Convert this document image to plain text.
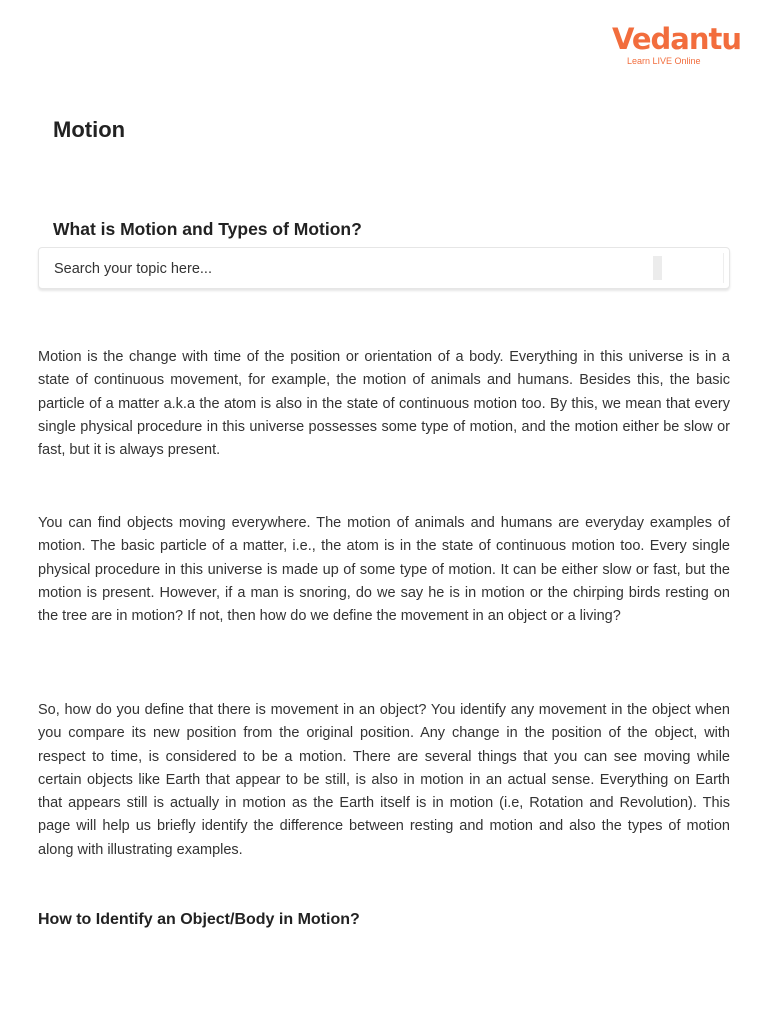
Vedantu
Learn LIVE Online
Motion
What is Motion and Types of Motion?
Search your topic here...

Motion is the change with time of the position or orientation of a body. Everything in this universe is in a state of continuous movement, for example, the motion of animals and humans. Besides this, the basic particle of a matter a.k.a the atom is also in the state of continuous motion too. By this, we mean that every single physical procedure in this universe possesses some type of motion, and the motion either be slow or fast, but it is always present.

You can find objects moving everywhere. The motion of animals and humans are everyday examples of motion. The basic particle of a matter, i.e., the atom is in the state of continuous motion too. Every single physical procedure in this universe is made up of some type of motion. It can be either slow or fast, but the motion is present. However, if a man is snoring, do we say he is in motion or the chirping birds resting on the tree are in motion? If not, then how do we define the movement in an object or a living?

So, how do you define that there is movement in an object? You identify any movement in the object when you compare its new position from the original position. Any change in the position of the object, with respect to time, is considered to be a motion. There are several things that you can see moving while certain objects like Earth that appear to be still, is also in motion in an actual sense. Everything on Earth that appears still is actually in motion as the Earth itself is in motion (i.e, Rotation and Revolution). This page will help us briefly identify the difference between resting and motion and also the types of motion along with illustrating examples.

How to Identify an Object/Body in Motion?
